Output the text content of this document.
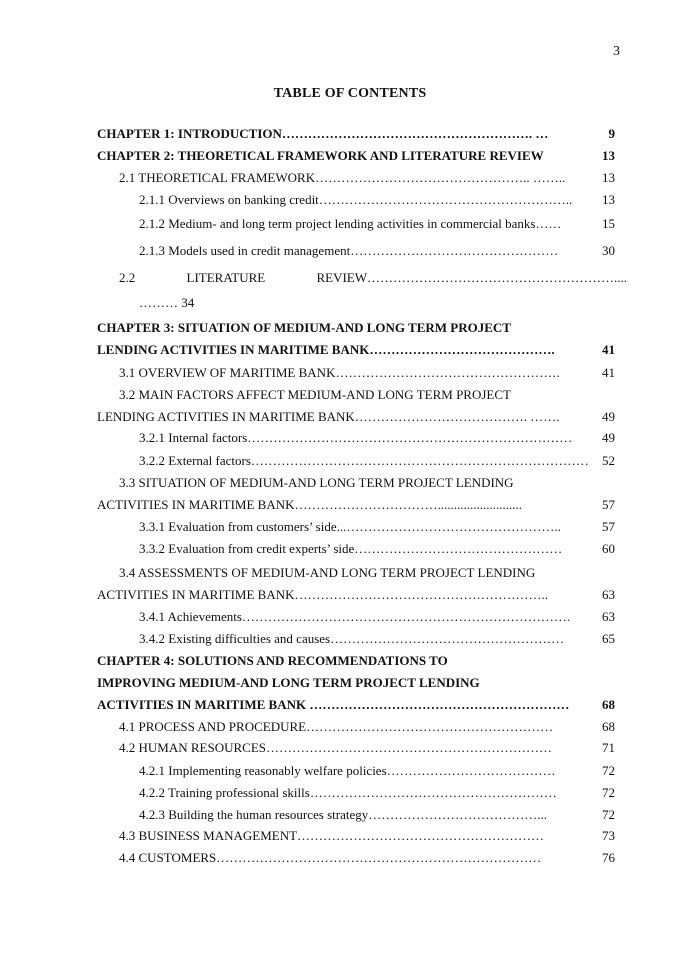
3
TABLE OF CONTENTS
CHAPTER 1: INTRODUCTION…………………………………………………. …	9
CHAPTER 2: THEORETICAL FRAMEWORK AND LITERATURE REVIEW	13
2.1 THEORETICAL FRAMEWORK………………………………………….. ……..	13
2.1.1 Overviews on banking credit………………………………………………….. 13
2.1.2 Medium- and long term project lending activities in commercial banks……	15
2.1.3 Models used in credit management…………………………………………	30
2.2 LITERATURE REVIEW…………………………………………………....
……… 34
CHAPTER 3: SITUATION OF MEDIUM-AND LONG TERM PROJECT
LENDING ACTIVITIES IN MARITIME BANK…………………………………….	41
3.1 OVERVIEW OF MARITIME BANK…………………………………………….	41
3.2 MAIN FACTORS AFFECT MEDIUM-AND LONG TERM PROJECT
LENDING ACTIVITIES IN MARITIME BANK…………………………………. …….	49
3.2.1 Internal factors………………………………………………………………… 49
3.2.2 External factors…………………………………………………………………… 52
3.3 SITUATION OF MEDIUM-AND LONG TERM PROJECT LENDING
ACTIVITIES IN MARITIME BANK……………………………..........................	57
3.3.1 Evaluation from customers’ side...…………………………………………..	57
3.3.2 Evaluation from credit experts’ side…………………………………………	60
3.4 ASSESSMENTS OF MEDIUM-AND LONG TERM PROJECT LENDING
ACTIVITIES IN MARITIME BANK…………………………………………………..	63
3.4.1 Achievements…………………………………………………………………. 63
3.4.2 Existing difficulties and causes………………………………………………	65
CHAPTER 4: SOLUTIONS AND RECOMMENDATIONS TO
IMPROVING MEDIUM-AND LONG TERM PROJECT LENDING
ACTIVITIES IN MARITIME BANK ……………………………………………………	68
4.1 PROCESS AND PROCEDURE…………………………………………………	68
4.2 HUMAN RESOURCES…………………………………………………………	71
4.2.1 Implementing reasonably welfare policies…………………………………	72
4.2.2 Training professional skills…………………………………………………	72
4.2.3 Building the human resources strategy…………………………………...	72
4.3 BUSINESS MANAGEMENT…………………………………………………	73
4.4 CUSTOMERS…………………………………………………………………	76
